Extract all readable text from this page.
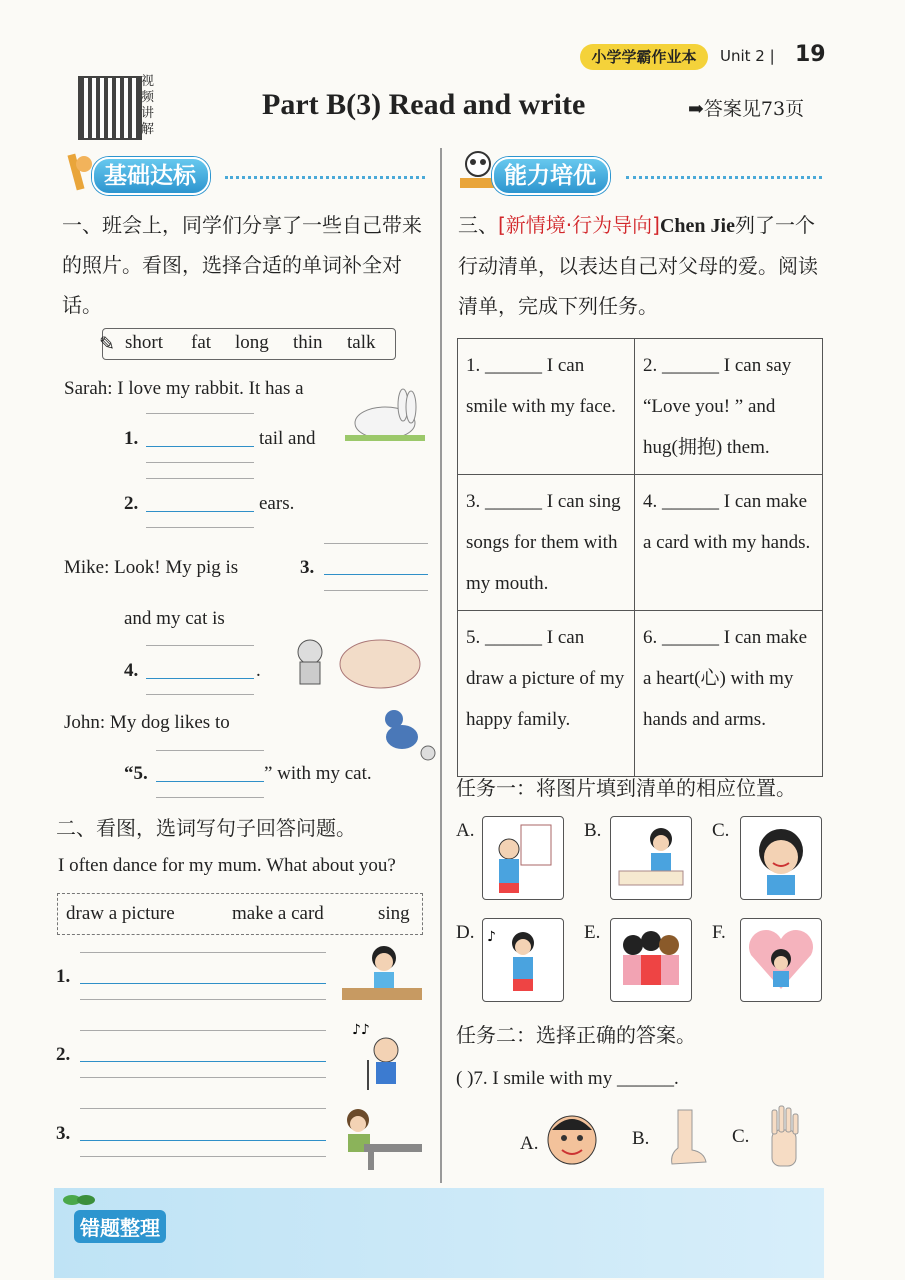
小学学霸作业本	Unit 2 | 19
视频讲解
Part B(3) Read and write	➡答案见73页
基础达标
一、班会上，同学们分享了一些自己带来的照片。看图，选择合适的单词补全对话。
✎ short fat long thin talk
Sarah: I love my rabbit. It has a
1.	tail and
2.	ears.
Mike: Look! My pig is	3.
and my cat is
4.	.
John: My dog likes to
“5.	” with my cat.
二、看图，选词写句子回答问题。
I often dance for my mum. What about you?
draw a picture	make a card	sing
1.
2.
♪♪
3.
能力培优
三、[新情境·行为导向]Chen Jie列了一个行动清单，以表达自己对父母的爱。阅读清单，完成下列任务。
1. ______ I can smile with my face.	2. ______ I can say “Love you! ” and hug(拥抱) them.
3. ______ I can sing songs for them with my mouth.	4. ______ I can make a card with my hands.
5. ______ I can draw a picture of my happy family.	6. ______ I can make a heart(心) with my hands and arms.
任务一：将图片填到清单的相应位置。
A.	B.	C.
D. ♪	E.	F.
任务二：选择正确的答案。
( )7. I smile with my ______.
A.	B.	C.
错题整理
